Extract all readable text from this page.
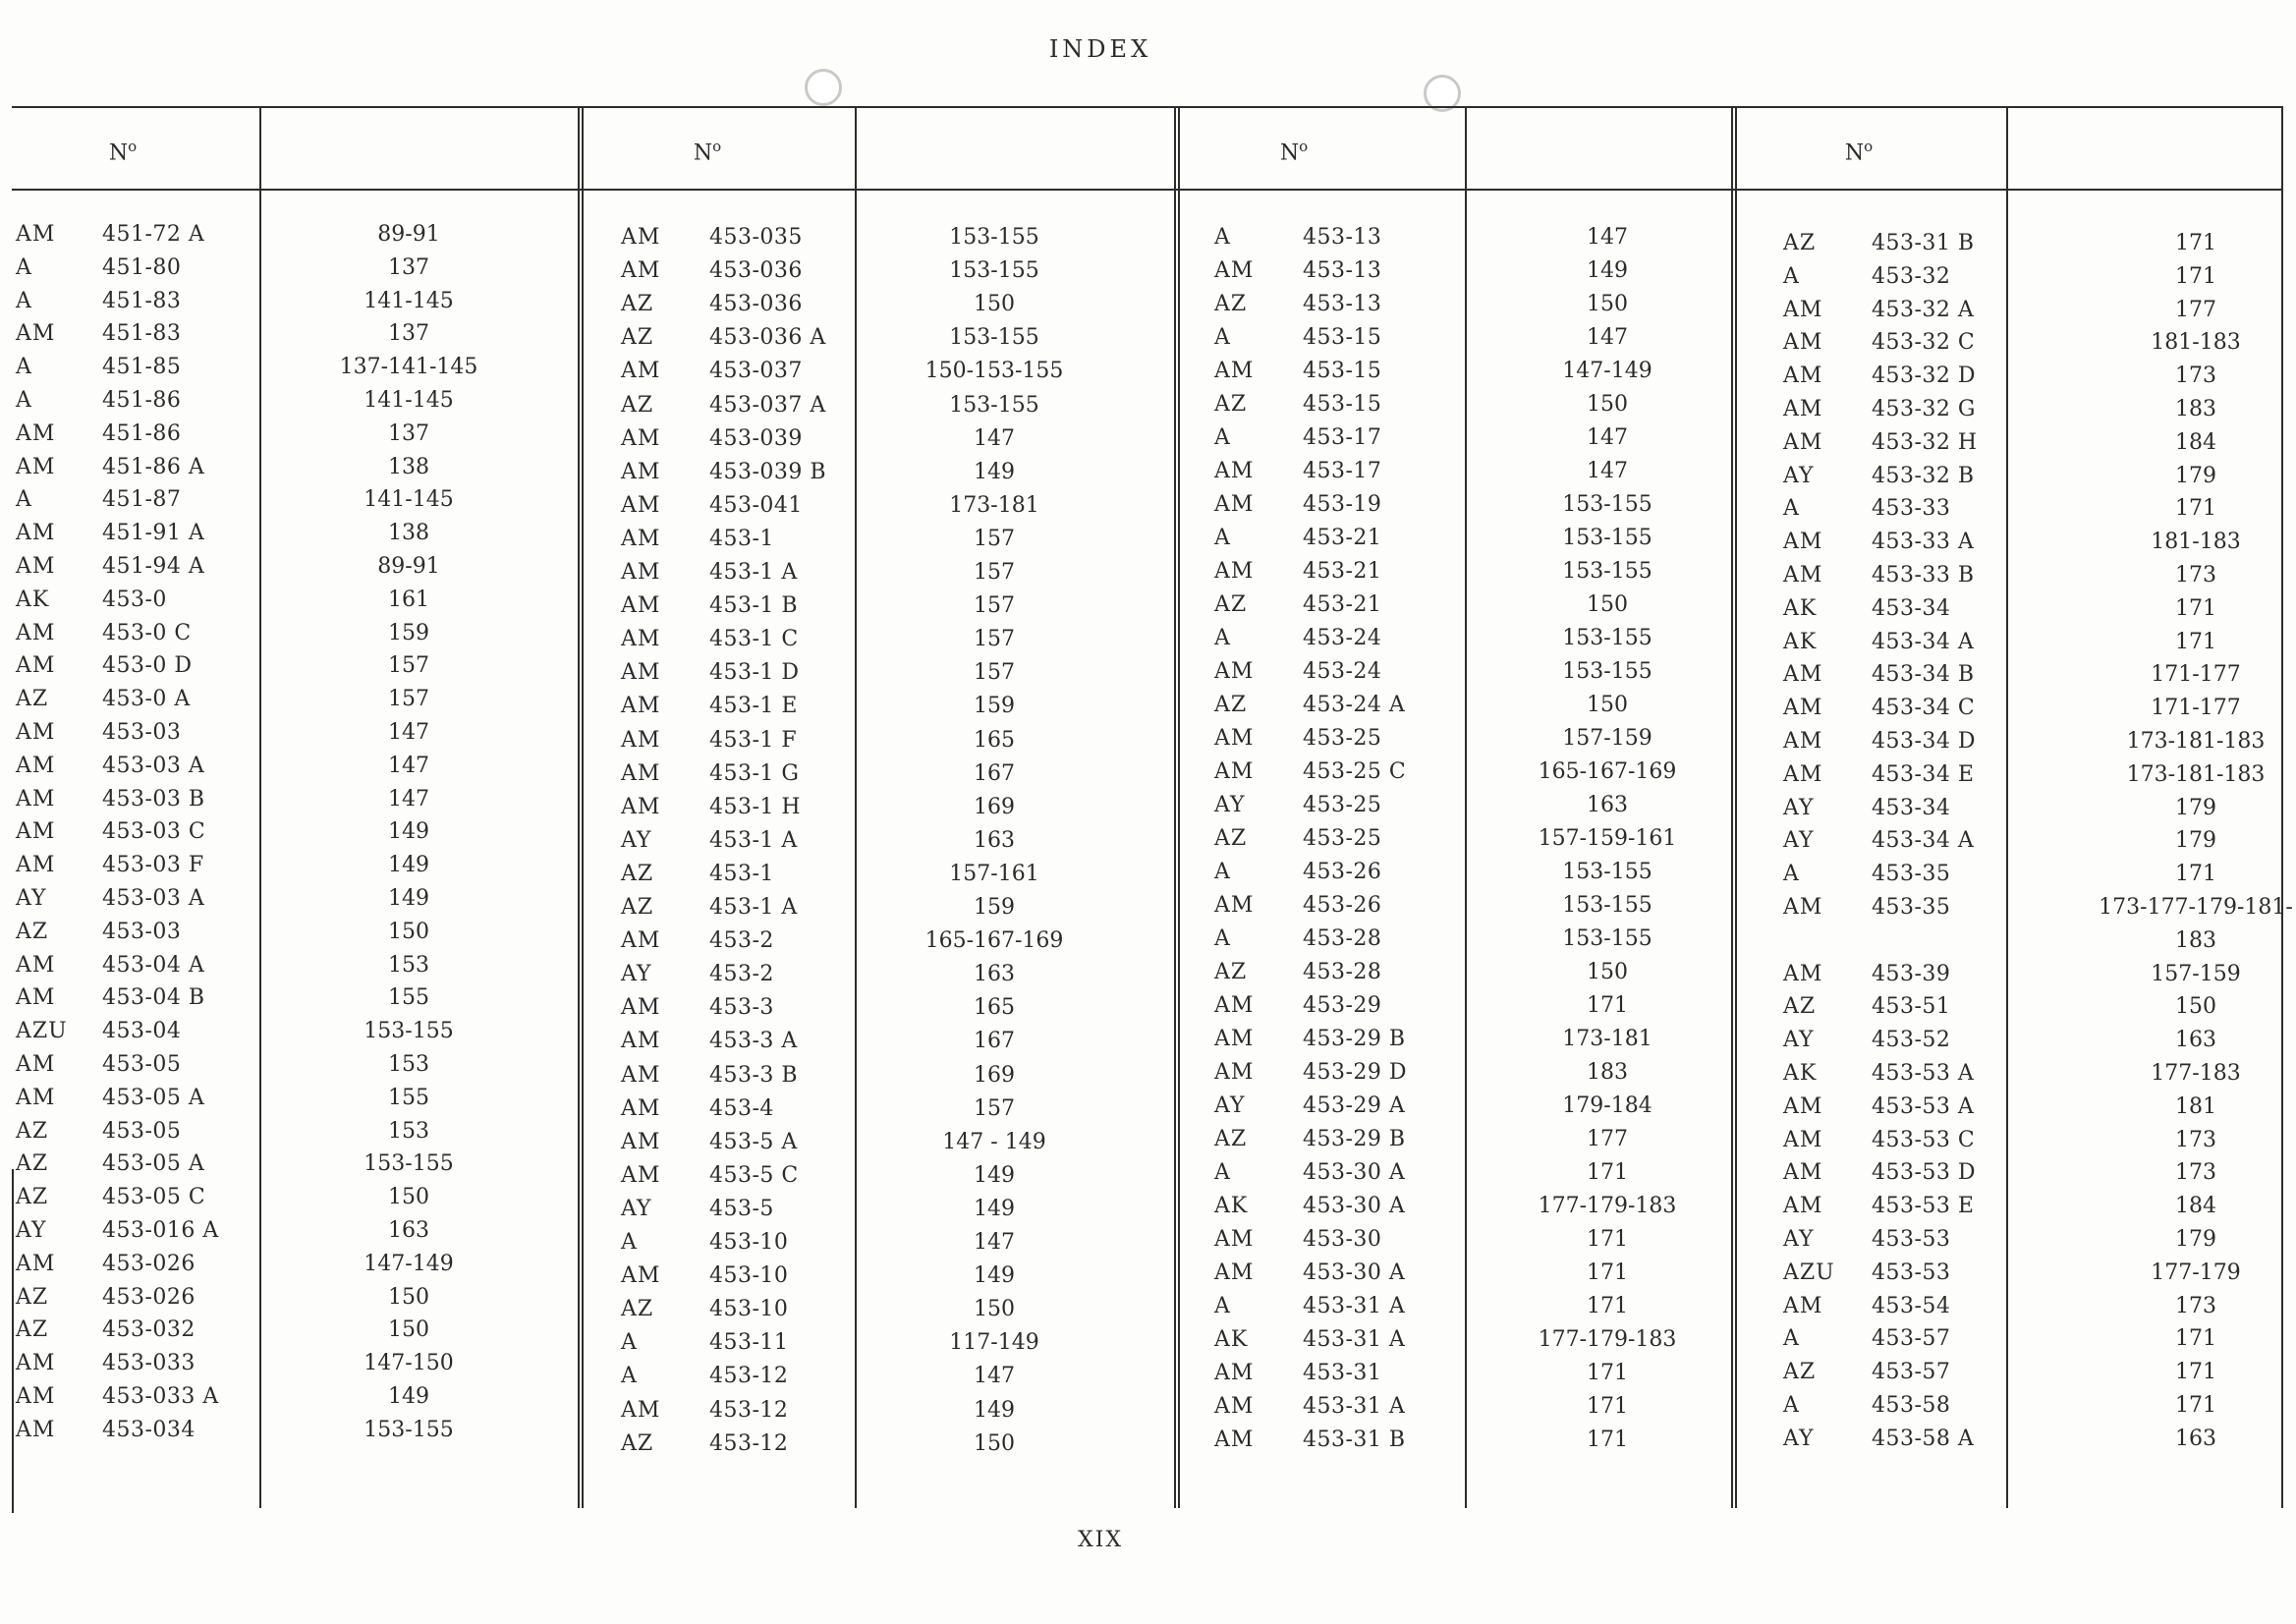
INDEX
$N^o$	$N^o$	$N^o$	$N^o$
AM 451-72 A	89-91
A	451-80	137
A	451-83	141-145
AM 451-83	137
A	451-85	137-141-145
A	451-86	141-145
AM 451-86	137
AM 451-86 A	138
A	451-87	141-145
AM 451-91 A	138
AM 451-94 A	89-91
AK 453-0	161
AM 453-0 C	159
AM 453-0 D	157
AZ 453-0 A	157
AM 453-03	147
AM 453-03 A	147
AM 453-03 B	147
AM 453-03 C	149
AM 453-03 F	149
AY	453-03 A	149
AZ 453-03	150
AM 453-04 A	153
AM 453-04 B	155
AZU 453-04	153-155
AM 453-05	153
AM 453-05 A	155
AZ 453-05	153
AZ 453-05 A	153-155
AZ 453-05 C	150
AY	453-016 A	163
AM 453-026	147-149
AZ 453-026	150
AZ 453-032	150
AM 453-033	147-150
AM 453-033 A	149
AM 453-034	153-155
AM 453-035	153-155
AM 453-036	153-155
AZ	453-036	150
AZ	453-036 A	153-155
AM 453-037	150-153-155
AZ	453-037 A	153-155
AM 453-039	147
AM 453-039 B	149
AM 453-041	173-181
AM 453-1	157
AM 453-1 A	157
AM 453-1 B	157
AM 453-1 C	157
AM 453-1 D	157
AM 453-1 E	159
AM 453-1 F	165
AM 453-1 G	167
AM 453-1 H	169
AY	453-1 A	163
AZ	453-1	157-161
AZ	453-1 A	159
AM 453-2	165-167-169
AY	453-2	163
AM 453-3	165
AM 453-3 A	167
AM 453-3 B	169
AM 453-4	157
AM 453-5 A	147 - 149
AM 453-5 C	149
AY	453-5	149
A	453-10	147
AM 453-10	149
AZ	453-10	150
A	453-11	117-149
A	453-12	147
AM 453-12	149
AZ	453-12	150
A	453-13	147
AM 453-13	149
AZ	453-13	150
A	453-15	147
AM 453-15	147-149
AZ	453-15	150
A	453-17	147
AM 453-17	147
AM 453-19	153-155
A	453-21	153-155
AM 453-21	153-155
AZ	453-21	150
A	453-24	153-155
AM 453-24	153-155
AZ	453-24 A	150
AM 453-25	157-159
AM 453-25 C	165-167-169
AY	453-25	163
AZ	453-25	157-159-161
A	453-26	153-155
AM 453-26	153-155
A	453-28	153-155
AZ	453-28	150
AM 453-29	171
AM 453-29 B	173-181
AM 453-29 D	183
AY	453-29 A	179-184
AZ	453-29 B	177
A	453-30 A	171
AK	453-30 A	177-179-183
AM 453-30	171
AM 453-30 A	171
A	453-31 A	171
AK	453-31 A	177-179-183
AM 453-31	171
AM 453-31 A	171
AM 453-31 B	171
AZ	453-31 B	171
A	453-32	171
AM 453-32 A	177
AM 453-32 C	181-183
AM 453-32 D	173
AM 453-32 G	183
AM 453-32 H	184
AY	453-32 B	179
A	453-33	171
AM 453-33 A	181-183
AM 453-33 B	173
AK	453-34	171
AK	453-34 A	171
AM 453-34 B	171-177
AM 453-34 C	171-177
AM 453-34 D	173-181-183
AM 453-34 E	173-181-183
AY	453-34	179
AY	453-34 A	179
A	453-35	171
AM 453-35	173-177-179-181-
183
AM 453-39	157-159
AZ	453-51	150
AY	453-52	163
AK	453-53 A	177-183
AM 453-53 A	181
AM 453-53 C	173
AM 453-53 D	173
AM 453-53 E	184
AY	453-53	179
AZU 453-53	177-179
AM 453-54	173
A	453-57	171
AZ	453-57	171
A	453-58	171
AY	453-58 A	163
XIX
